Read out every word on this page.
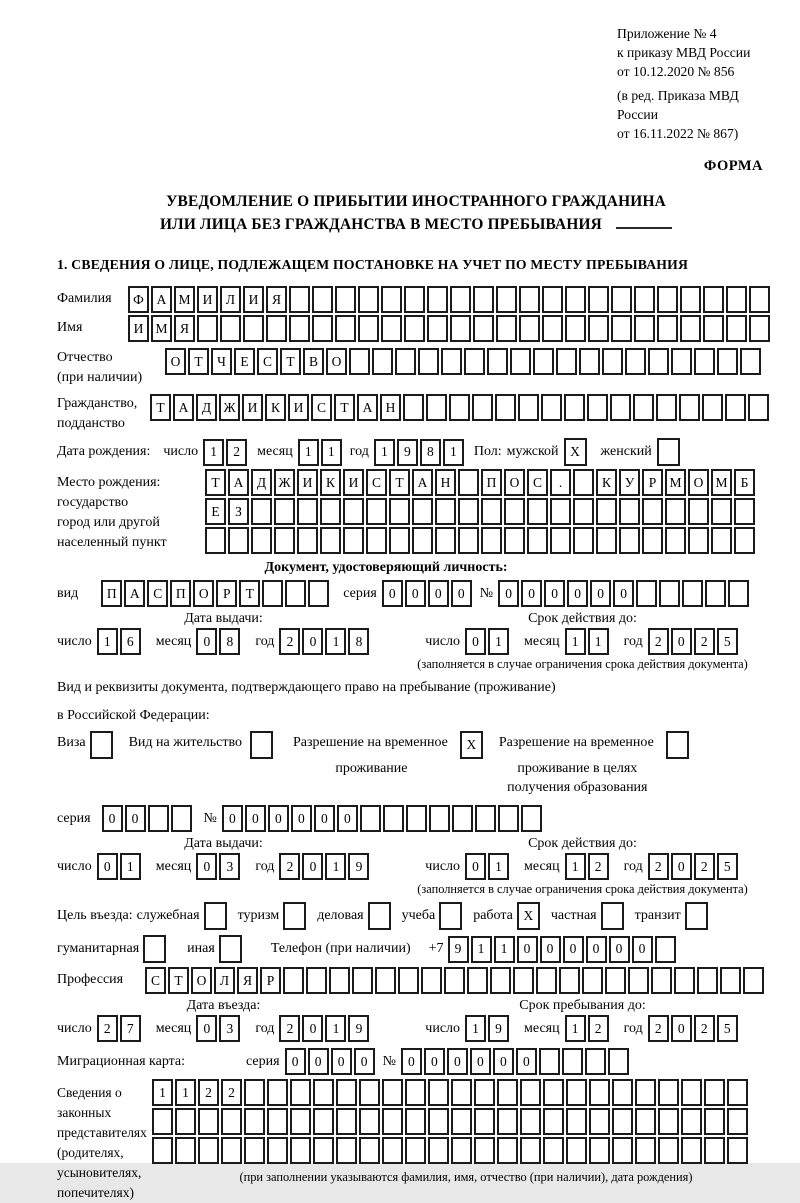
Приложение № 4
к приказу МВД России
от 10.12.2020 № 856
(в ред. Приказа МВД России
от 16.11.2022 № 867)
ФОРМА
УВЕДОМЛЕНИЕ О ПРИБЫТИИ ИНОСТРАННОГО ГРАЖДАНИНА
ИЛИ ЛИЦА БЕЗ ГРАЖДАНСТВА В МЕСТО ПРЕБЫВАНИЯ
1. СВЕДЕНИЯ О ЛИЦЕ, ПОДЛЕЖАЩЕМ ПОСТАНОВКЕ НА УЧЕТ ПО МЕСТУ ПРЕБЫВАНИЯ
Фамилия	Ф А М И	Л	И	Я
Имя	И М Я
Отчество
(при наличии)
О	Т	Ч	Е	С	Т	В	О
Гражданство,
подданство
Т	А	Д Ж И	К	И	С	Т	А Н
Дата рождения: число 1	2	месяц 1	1	год 1	9	8	1	Пол: мужской X	женский
Место рождения:
государство
город или другой
населенный пункт
Т	А	Д Ж И	К	И	С	Т	А Н	П О	С	.	К	У	Р М О М Б
Е	З
Документ, удостоверяющий личность:
вид	П А	С	П О	Р	Т	серия 0	0	0	0	№ 0	0	0	0	0	0
Дата выдачи:
число 1	6	месяц 0	8	год 2	0	1	8
Срок действия до:
число 0	1	месяц 1	1	год 2	0	2	5
(заполняется в случае ограничения срока действия документа)
Вид и реквизиты документа, подтверждающего право на пребывание (проживание)
в Российской Федерации:
Виза	Вид на жительство	Разрешение на временное	X
проживание
Разрешение на временное
проживание в целях
получения образования
серия	0	0	№ 0	0	0	0	0	0
Дата выдачи:
число 0	1	месяц 0	3	год 2	0	1	9
Срок действия до:
число 0	1	месяц 1	2	год 2	0	2	5
(заполняется в случае ограничения срока действия документа)
Цель въезда: служебная	туризм	деловая	учеба	работа X	частная	транзит
гуманитарная	иная	Телефон (при наличии) +7 9	1	1	0	0	0	0	0	0
Профессия	С	Т	О	Л	Я	Р
Дата въезда:
число 2	7	месяц 0	3	год 2	0	1	9
Срок пребывания до:
число 1	9	месяц 1	2	год 2	0	2	5
Миграционная карта:	серия 0	0	0	0	№ 0	0	0	0	0	0
Сведения о
законных
представителях
(родителях,
усыновителях,
попечителях)
1	1	2	2
(при заполнении указываются фамилия, имя, отчество (при наличии), дата рождения)
